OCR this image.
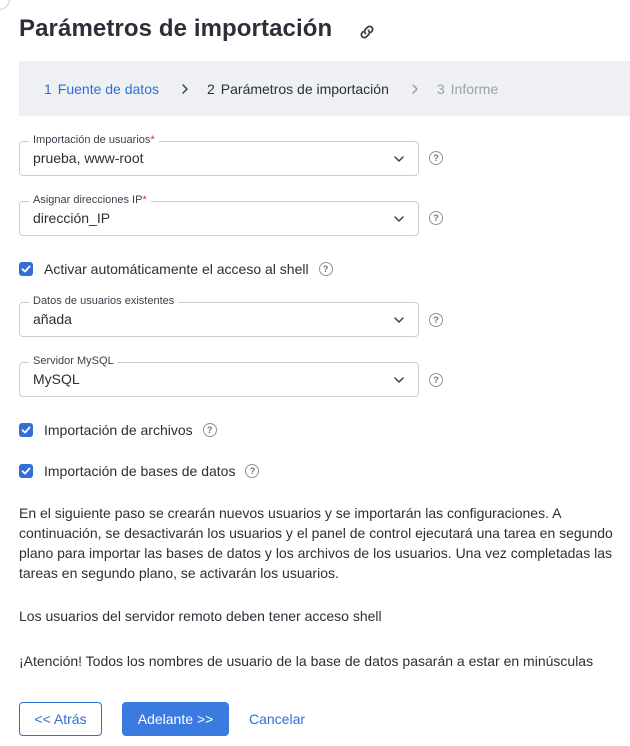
Parámetros de importación
1 Fuente de datos	2 Parámetros de importación	3 Informe
Importación de usuarios*
prueba, www-root	?
Asignar direcciones IP*
dirección_IP	?
Activar automáticamente el acceso al shell	?
Datos de usuarios existentes
añada	?
Servidor MySQL
MySQL	?
Importación de archivos	?
Importación de bases de datos	?

En el siguiente paso se crearán nuevos usuarios y se importarán las configuraciones. A continuación, se desactivarán los usuarios y el panel de control ejecutará una tarea en segundo plano para importar las bases de datos y los archivos de los usuarios. Una vez completadas las tareas en segundo plano, se activarán los usuarios.

Los usuarios del servidor remoto deben tener acceso shell

¡Atención! Todos los nombres de usuario de la base de datos pasarán a estar en minúsculas

<< Atrás	Adelante >>	Cancelar
